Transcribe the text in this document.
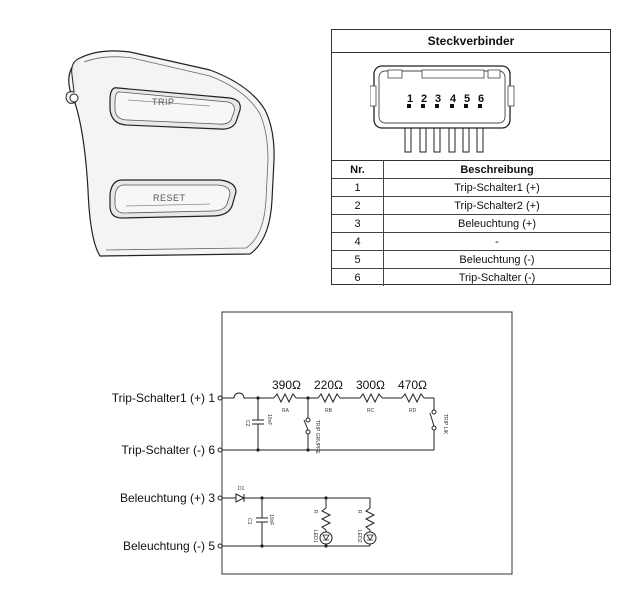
TRIP
RESET
Steckverbinder
1 2 3 4 5 6
Nr.	Beschreibung
1	Trip-Schalter1 (+)
2	Trip-Schalter2 (+)
3	Beleuchtung (+)
4	-
5	Beleuchtung (-)
6	Trip-Schalter (-)
RA	RB	RC	RD
C2	10nF
C1	10nF
D1
TRIP GRUPPE	TRIP LIK
LED1	LED2
R	R
390Ω 220Ω 300Ω 470Ω
Trip-Schalter1 (+) 1
Trip-Schalter (-) 6
Beleuchtung (+) 3
Beleuchtung (-) 5
